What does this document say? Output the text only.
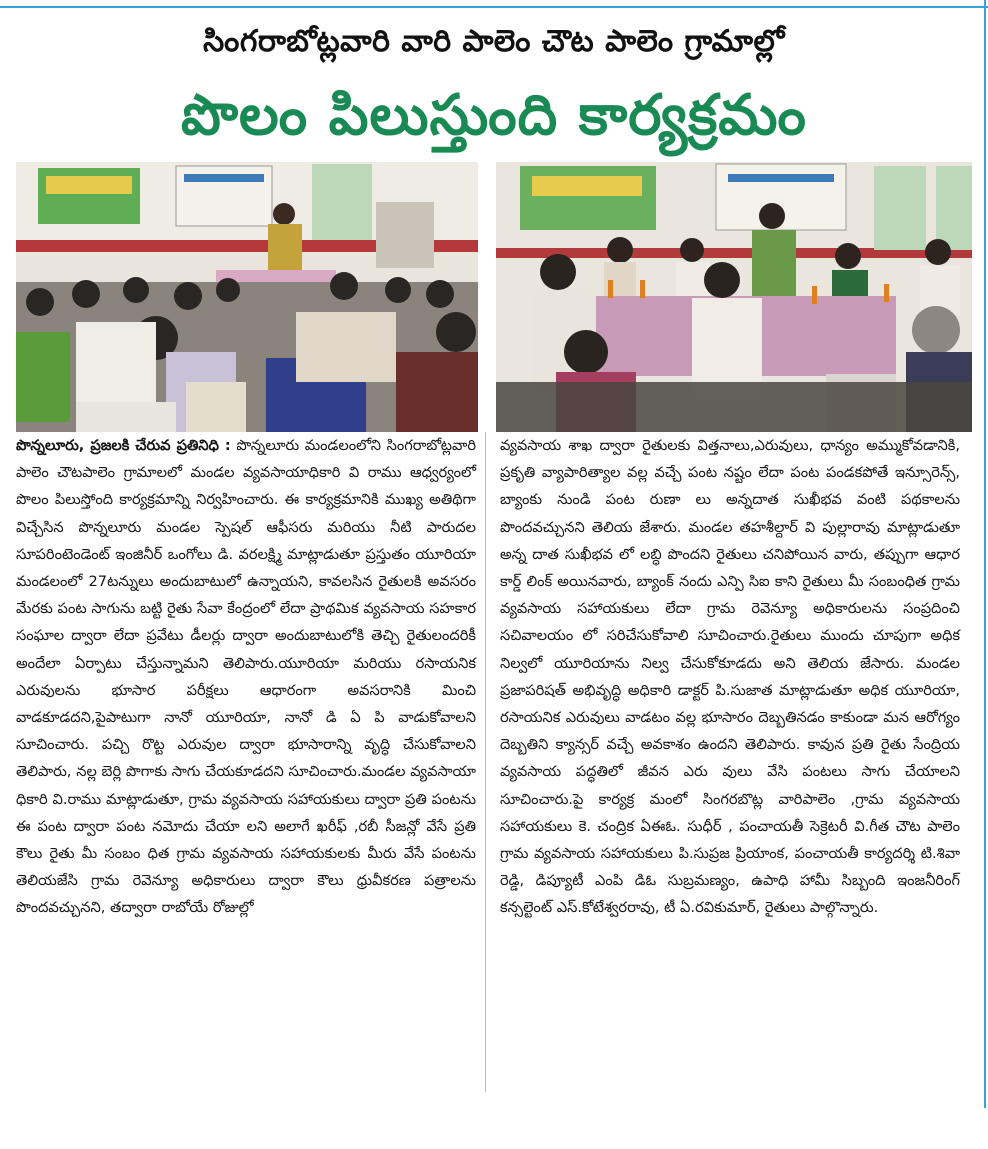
సింగరాబోట్లవారి వారి పాలెం చౌట పాలెం గ్రామాల్లో
పొలం పిలుస్తుంది కార్యక్రమం

పొన్నలూరు, ప్రజలకి చేరువ ప్రతినిధి : పొన్నలూరు మండలంలోని సింగరాబోట్లవారి పాలెం చౌటపాలెం గ్రామాలలో మండల వ్యవసాయాధికారి వి రాము ఆధ్వర్యంలో పొలం పిలుస్తోంది కార్యక్రమాన్ని నిర్వహించారు. ఈ కార్యక్రమానికి ముఖ్య అతిథిగా విచ్చేసిన పొన్నలూరు మండల స్పెషల్ ఆఫీసరు మరియు నీటి పారుదల సూపరింటెండెంట్ ఇంజినీర్ ఒంగోలు డి. వరలక్ష్మి మాట్లాడుతూ ప్రస్తుతం యూరియా మండలంలో 27టన్నులు అందుబాటులో ఉన్నాయని, కావలసిన రైతులకి అవసరం మేరకు పంట సాగును బట్టి రైతు సేవా కేంద్రంలో లేదా ప్రాథమిక వ్యవసాయ సహకార సంఘాల ద్వారా లేదా ప్రవేటు డీలర్లు ద్వారా అందుబాటులోకి తెచ్చి రైతులందరికీ అందేలా ఏర్పాటు చేస్తున్నామని తెలిపారు.యూరియా మరియు రసాయనిక ఎరువులను భూసార పరీక్షలు ఆధారంగా అవసరానికి మించి వాడకూడదని,పైపాటుగా నానో యూరియా, నానో డి ఏ పి వాడుకోవాలని సూచించారు. పచ్చి రొట్ట ఎరువుల ద్వారా భూసారాన్ని వృద్ధి చేసుకోవాలని తెలిపారు, నల్ల బెర్లి పొగాకు సాగు చేయకూడదని సూచించారు.మండల వ్యవసాయా ధికారి వి.రాము మాట్లాడుతూ, గ్రామ వ్యవసాయ సహాయకులు ద్వారా ప్రతి పంటను ఈ పంట ద్వారా పంట నమోదు చేయా లని అలాగే ఖరీఫ్ ,రబీ సీజన్లో వేసే ప్రతి కౌలు రైతు మీ సంబం ధిత గ్రామ వ్యవసాయ సహాయకులకు మీరు వేసే పంటను తెలియజేసి గ్రామ రెవెన్యూ అధికారులు ద్వారా కౌలు ధ్రువీకరణ పత్రాలను పొందవచ్చునని, తద్వారా రాబోయే రోజుల్లో

వ్యవసాయ శాఖ ద్వారా రైతులకు విత్తనాలు,ఎరువులు, ధాన్యం అమ్ముకోవడానికి, ప్రకృతి వ్యాపారిత్యాల వల్ల వచ్చే పంట నష్టం లేదా పంట పండకపోతే ఇన్సూరెన్స్, బ్యాంకు నుండి పంట రుణా లు అన్నదాత సుఖీభవ వంటి పథకాలను పొందవచ్చునని తెలియ జేశారు. మండల తహశీల్దార్ వి పుల్లారావు మాట్లాడుతూ అన్న దాత సుఖీభవ లో లబ్ధి పొందని రైతులు చనిపోయిన వారు, తప్పుగా ఆధార కార్డ్ లింక్ అయినవారు, బ్యాంక్ నందు ఎన్పి సిఐ కాని రైతులు మీ సంబంధిత గ్రామ వ్యవసాయ సహాయకులు లేదా గ్రామ రెవెన్యూ అధికారులను సంప్రదించి సచివాలయం లో సరిచేసుకోవాలి సూచించారు.రైతులు ముందు చూపుగా అధిక నిల్వలో యూరియాను నిల్వ చేసుకోకూడదు అని తెలియ జేసారు. మండల ప్రజాపరిషత్ అభివృద్ధి అధికారి డాక్టర్ పి.సుజాత మాట్లాడుతూ అధిక యూరియా, రసాయనిక ఎరువులు వాడటం వల్ల భూసారం దెబ్బతినడం కాకుండా మన ఆరోగ్యం దెబ్బతిని క్యాన్సర్ వచ్చే అవకాశం ఉందని తెలిపారు. కావున ప్రతి రైతు సేంద్రియ వ్యవసాయ పద్ధతిలో జీవన ఎరు వులు వేసి పంటలు సాగు చేయాలని సూచించారు.పై కార్యక్ర మంలో సింగరబొట్ల వారిపాలెం ,గ్రామ వ్యవసాయ సహాయకులు కె. చంద్రిక ఏఈఓ. సుధీర్ , పంచాయతీ సెక్రెటరీ వి.గీత చౌట పాలెం గ్రామ వ్యవసాయ సహాయకులు పి.సుప్రజ ప్రియాంక, పంచాయతీ కార్యదర్శి టి.శివా రెడ్డి, డిప్యూటీ ఎంపి డిఓ సుబ్రమణ్యం, ఉపాధి హామీ సిబ్బంది ఇంజనీరింగ్ కన్సల్టెంట్ ఎస్.కోటేశ్వరరావు, టీ ఏ.రవికుమార్, రైతులు పాల్గొన్నారు.
